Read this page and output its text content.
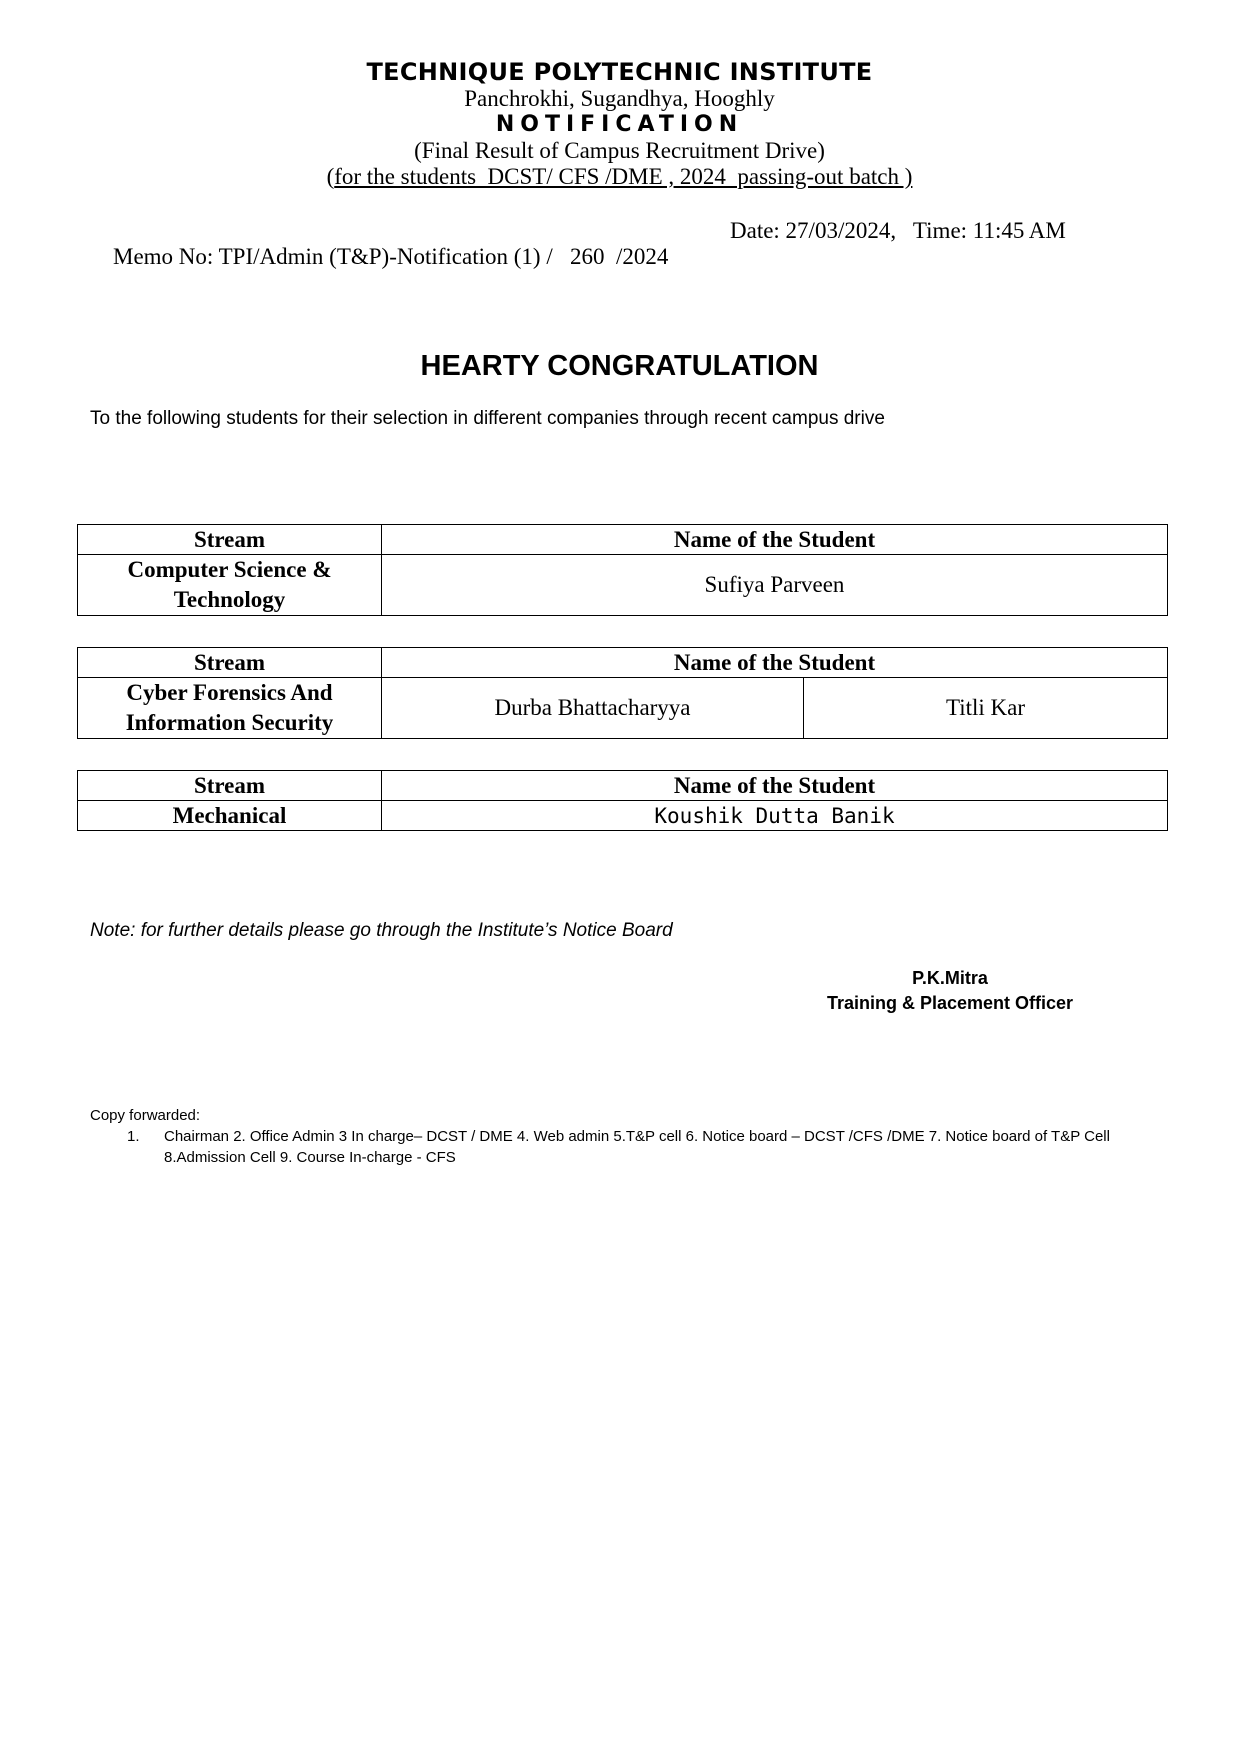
TECHNIQUE POLYTECHNIC INSTITUTE
Panchrokhi, Sugandhya, Hooghly
NOTIFICATION
(Final Result of Campus Recruitment Drive)
(for the students  DCST/ CFS /DME , 2024  passing-out batch )

Memo No: TPI/Admin (T&P)-Notification (1) /   260  /2024

Date: 27/03/2024,   Time: 11:45 AM

HEARTY CONGRATULATION
To the following students for their selection in different companies through recent campus drive
Stream	Name of the Student
Computer Science & Technology	Sufiya Parveen
Stream	Name of the Student	
Cyber Forensics And Information Security	Durba Bhattacharyya	Titli Kar
Stream	Name of the Student
Mechanical	Koushik Dutta Banik
Note: for further details please go through the Institute’s Notice Board
P.K.Mitra
Training & Placement Officer
Copy forwarded:
1. Chairman 2. Office Admin 3 In charge– DCST / DME 4. Web admin 5.T&P cell 6. Notice board – DCST /CFS /DME 7. Notice board of T&P Cell
8.Admission Cell 9. Course In-charge - CFS
